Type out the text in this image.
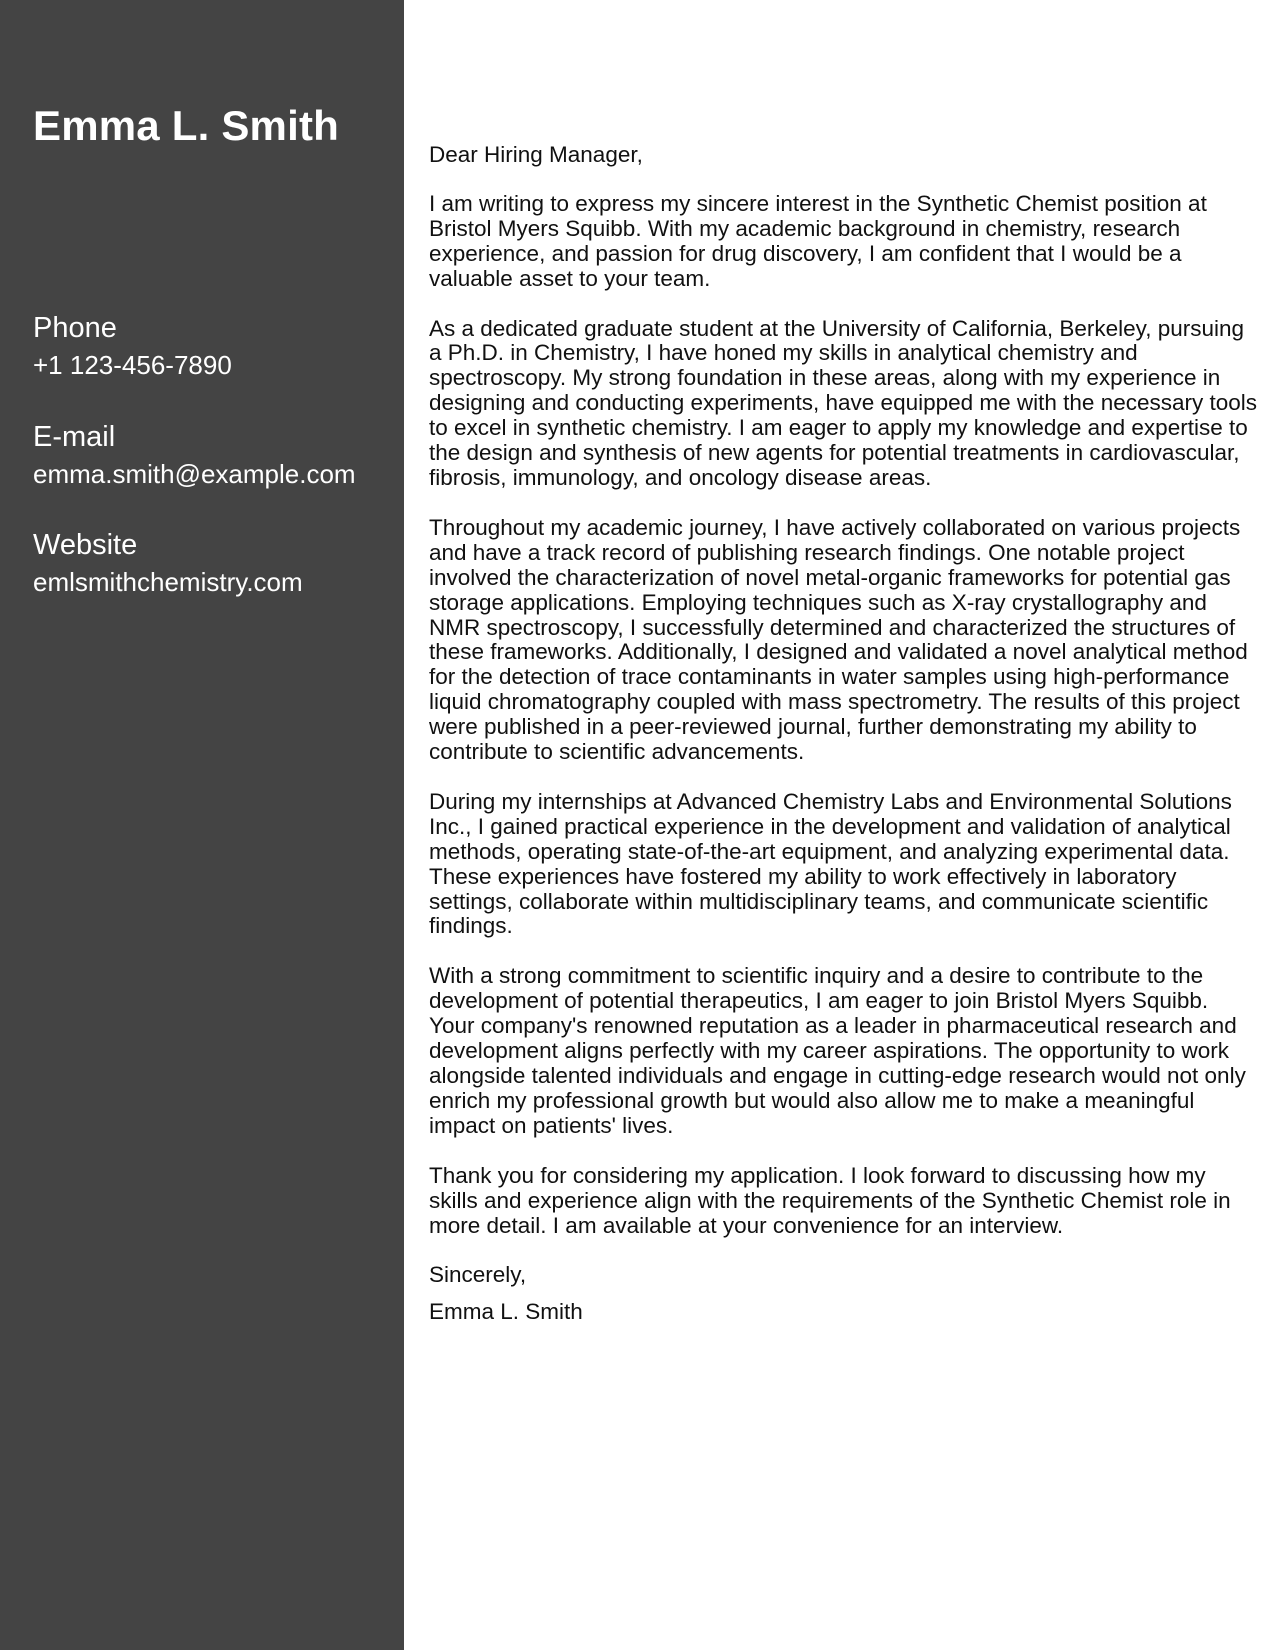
Emma L. Smith
Phone
+1 123-456-7890
E-mail
emma.smith@example.com
Website
emlsmithchemistry.com

Dear Hiring Manager,

I am writing to express my sincere interest in the Synthetic Chemist position at Bristol Myers Squibb. With my academic background in chemistry, research experience, and passion for drug discovery, I am confident that I would be a valuable asset to your team.

As a dedicated graduate student at the University of California, Berkeley, pursuing a Ph.D. in Chemistry, I have honed my skills in analytical chemistry and spectroscopy. My strong foundation in these areas, along with my experience in designing and conducting experiments, have equipped me with the necessary tools to excel in synthetic chemistry. I am eager to apply my knowledge and expertise to the design and synthesis of new agents for potential treatments in cardiovascular, fibrosis, immunology, and oncology disease areas.

Throughout my academic journey, I have actively collaborated on various projects and have a track record of publishing research findings. One notable project involved the characterization of novel metal-organic frameworks for potential gas storage applications. Employing techniques such as X-ray crystallography and NMR spectroscopy, I successfully determined and characterized the structures of these frameworks. Additionally, I designed and validated a novel analytical method for the detection of trace contaminants in water samples using high-performance liquid chromatography coupled with mass spectrometry. The results of this project were published in a peer-reviewed journal, further demonstrating my ability to contribute to scientific advancements.

During my internships at Advanced Chemistry Labs and Environmental Solutions Inc., I gained practical experience in the development and validation of analytical methods, operating state-of-the-art equipment, and analyzing experimental data. These experiences have fostered my ability to work effectively in laboratory settings, collaborate within multidisciplinary teams, and communicate scientific findings.

With a strong commitment to scientific inquiry and a desire to contribute to the development of potential therapeutics, I am eager to join Bristol Myers Squibb. Your company's renowned reputation as a leader in pharmaceutical research and development aligns perfectly with my career aspirations. The opportunity to work alongside talented individuals and engage in cutting-edge research would not only enrich my professional growth but would also allow me to make a meaningful impact on patients' lives.

Thank you for considering my application. I look forward to discussing how my skills and experience align with the requirements of the Synthetic Chemist role in more detail. I am available at your convenience for an interview.

Sincerely,

Emma L. Smith
